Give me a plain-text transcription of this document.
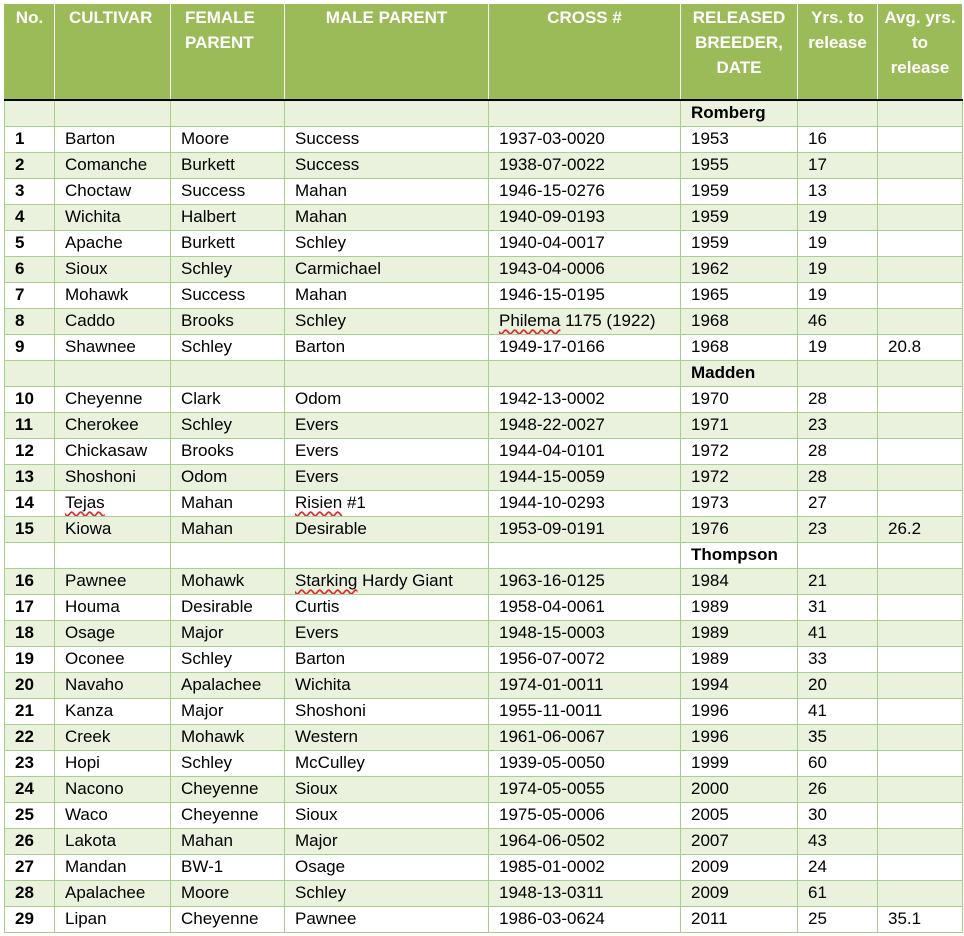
No.	CULTIVAR	FEMALE PARENT	MALE PARENT	CROSS #	RELEASED BREEDER, DATE	Yrs. to release	Avg. yrs. to release
					Romberg		
1	Barton	Moore	Success	1937-03-0020	1953	16	
2	Comanche	Burkett	Success	1938-07-0022	1955	17	
3	Choctaw	Success	Mahan	1946-15-0276	1959	13	
4	Wichita	Halbert	Mahan	1940-09-0193	1959	19	
5	Apache	Burkett	Schley	1940-04-0017	1959	19	
6	Sioux	Schley	Carmichael	1943-04-0006	1962	19	
7	Mohawk	Success	Mahan	1946-15-0195	1965	19	
8	Caddo	Brooks	Schley	Philema 1175 (1922)	1968	46	
9	Shawnee	Schley	Barton	1949-17-0166	1968	19	20.8
					Madden		
10	Cheyenne	Clark	Odom	1942-13-0002	1970	28	
11	Cherokee	Schley	Evers	1948-22-0027	1971	23	
12	Chickasaw	Brooks	Evers	1944-04-0101	1972	28	
13	Shoshoni	Odom	Evers	1944-15-0059	1972	28	
14	Tejas	Mahan	Risien #1	1944-10-0293	1973	27	
15	Kiowa	Mahan	Desirable	1953-09-0191	1976	23	26.2
					Thompson		
16	Pawnee	Mohawk	Starking Hardy Giant	1963-16-0125	1984	21	
17	Houma	Desirable	Curtis	1958-04-0061	1989	31	
18	Osage	Major	Evers	1948-15-0003	1989	41	
19	Oconee	Schley	Barton	1956-07-0072	1989	33	
20	Navaho	Apalachee	Wichita	1974-01-0011	1994	20	
21	Kanza	Major	Shoshoni	1955-11-0011	1996	41	
22	Creek	Mohawk	Western	1961-06-0067	1996	35	
23	Hopi	Schley	McCulley	1939-05-0050	1999	60	
24	Nacono	Cheyenne	Sioux	1974-05-0055	2000	26	
25	Waco	Cheyenne	Sioux	1975-05-0006	2005	30	
26	Lakota	Mahan	Major	1964-06-0502	2007	43	
27	Mandan	BW-1	Osage	1985-01-0002	2009	24	
28	Apalachee	Moore	Schley	1948-13-0311	2009	61	
29	Lipan	Cheyenne	Pawnee	1986-03-0624	2011	25	35.1
